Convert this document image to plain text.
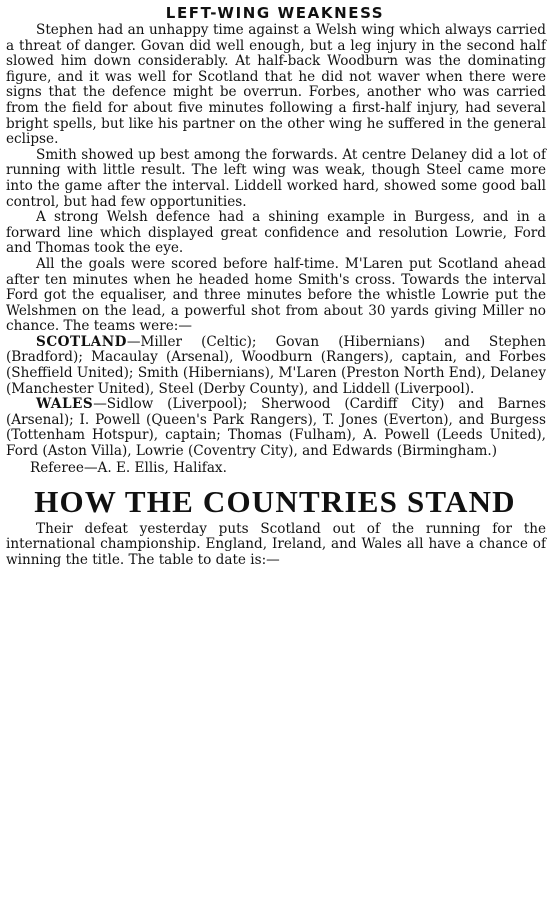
LEFT-WING WEAKNESS

Stephen had an unhappy time against a Welsh wing which always carried a threat of danger. Govan did well enough, but a leg injury in the second half slowed him down considerably. At half-back Woodburn was the dominating figure, and it was well for Scotland that he did not waver when there were signs that the defence might be overrun. Forbes, another who was carried from the field for about five minutes following a first-half injury, had several bright spells, but like his partner on the other wing he suffered in the general eclipse.

Smith showed up best among the forwards. At centre Delaney did a lot of running with little result. The left wing was weak, though Steel came more into the game after the interval. Liddell worked hard, showed some good ball control, but had few opportunities.

A strong Welsh defence had a shining example in Burgess, and in a forward line which displayed great confidence and resolution Lowrie, Ford and Thomas took the eye.

All the goals were scored before half-time. M'Laren put Scotland ahead after ten minutes when he headed home Smith's cross. Towards the interval Ford got the equaliser, and three minutes before the whistle Lowrie put the Welshmen on the lead, a powerful shot from about 30 yards giving Miller no chance. The teams were:—

SCOTLAND—Miller (Celtic); Govan (Hibernians) and Stephen (Bradford); Macaulay (Arsenal), Woodburn (Rangers), captain, and Forbes (Sheffield United); Smith (Hibernians), M'Laren (Preston North End), Delaney (Manchester United), Steel (Derby County), and Liddell (Liverpool).

WALES—Sidlow (Liverpool); Sherwood (Cardiff City) and Barnes (Arsenal); I. Powell (Queen's Park Rangers), T. Jones (Everton), and Burgess (Tottenham Hotspur), captain; Thomas (Fulham), A. Powell (Leeds United), Ford (Aston Villa), Lowrie (Coventry City), and Edwards (Birmingham.)

Referee—A. E. Ellis, Halifax.

HOW THE COUNTRIES STAND

Their defeat yesterday puts Scotland out of the running for the international championship. England, Ireland, and Wales all have a chance of winning the title. The table to date is:—
